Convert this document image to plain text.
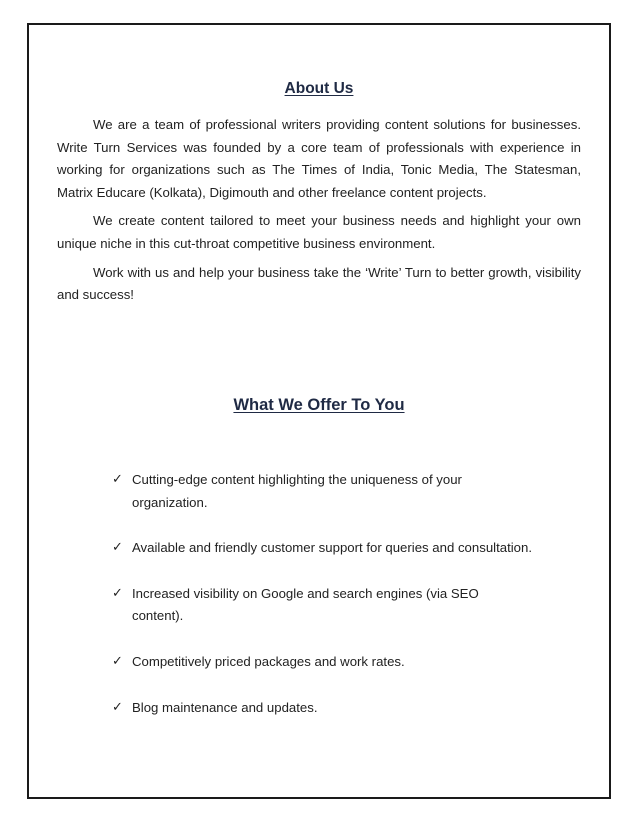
About Us

We are a team of professional writers providing content solutions for businesses. Write Turn Services was founded by a core team of professionals with experience in working for organizations such as The Times of India, Tonic Media, The Statesman, Matrix Educare (Kolkata), Digimouth and other freelance content projects.

We create content tailored to meet your business needs and highlight your own unique niche in this cut-throat competitive business environment.

Work with us and help your business take the ‘Write’ Turn to better growth, visibility and success!

What We Offer To You
✓ Cutting-edge content highlighting the uniqueness of your organization.
✓ Available and friendly customer support for queries and consultation.
✓ Increased visibility on Google and search engines (via SEO content).
✓ Competitively priced packages and work rates.
✓ Blog maintenance and updates.
